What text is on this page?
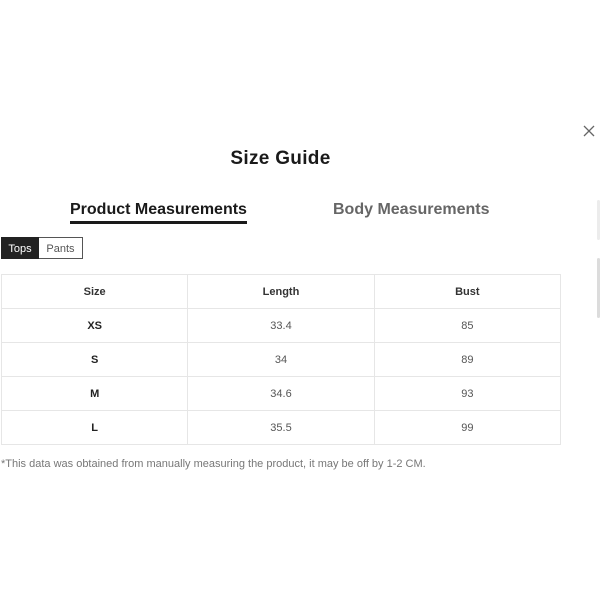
Size Guide
Product Measurements	Body Measurements
Tops	Pants
Size	Length	Bust
XS	33.4	85
S	34	89
M	34.6	93
L	35.5	99
*This data was obtained from manually measuring the product, it may be off by 1-2 CM.
